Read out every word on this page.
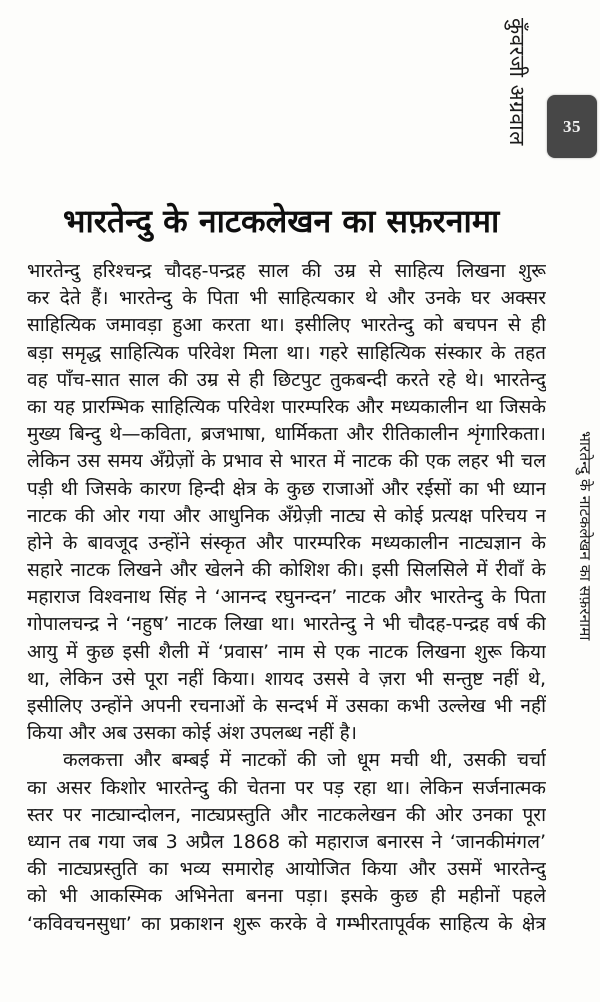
कुँवरजी अग्रवाल 35
भारतेन्दु के नाटकलेखन का सफ़रनामा
भारतेन्दु हरिश्चन्द्र चौदह-पन्द्रह साल की उम्र से साहित्य लिखना शुरू
कर देते हैं। भारतेन्दु के पिता भी साहित्यकार थे और उनके घर अक्सर
साहित्यिक जमावड़ा हुआ करता था। इसीलिए भारतेन्दु को बचपन से ही
बड़ा समृद्ध साहित्यिक परिवेश मिला था। गहरे साहित्यिक संस्कार के तहत
वह पाँच-सात साल की उम्र से ही छिटपुट तुकबन्दी करते रहे थे। भारतेन्दु
का यह प्रारम्भिक साहित्यिक परिवेश पारम्परिक और मध्यकालीन था जिसके
मुख्य बिन्दु थे—कविता, ब्रजभाषा, धार्मिकता और रीतिकालीन शृंगारिकता।
लेकिन उस समय अँग्रेज़ों के प्रभाव से भारत में नाटक की एक लहर भी चल
पड़ी थी जिसके कारण हिन्दी क्षेत्र के कुछ राजाओं और रईसों का भी ध्यान
नाटक की ओर गया और आधुनिक अँग्रेज़ी नाट्य से कोई प्रत्यक्ष परिचय न
होने के बावजूद उन्होंने संस्कृत और पारम्परिक मध्यकालीन नाट्यज्ञान के
सहारे नाटक लिखने और खेलने की कोशिश की। इसी सिलसिले में रीवाँ के
महाराज विश्वनाथ सिंह ने ‘आनन्द रघुनन्दन’ नाटक और भारतेन्दु के पिता
गोपालचन्द्र ने ‘नहुष’ नाटक लिखा था। भारतेन्दु ने भी चौदह-पन्द्रह वर्ष की
आयु में कुछ इसी शैली में ‘प्रवास’ नाम से एक नाटक लिखना शुरू किया
था, लेकिन उसे पूरा नहीं किया। शायद उससे वे ज़रा भी सन्तुष्ट नहीं थे,
इसीलिए उन्होंने अपनी रचनाओं के सन्दर्भ में उसका कभी उल्लेख भी नहीं
किया और अब उसका कोई अंश उपलब्ध नहीं है।
कलकत्ता और बम्बई में नाटकों की जो धूम मची थी, उसकी चर्चा
का असर किशोर भारतेन्दु की चेतना पर पड़ रहा था। लेकिन सर्जनात्मक
स्तर पर नाट्यान्दोलन, नाट्यप्रस्तुति और नाटकलेखन की ओर उनका पूरा
ध्यान तब गया जब 3 अप्रैल 1868 को महाराज बनारस ने ‘जानकीमंगल’
की नाट्यप्रस्तुति का भव्य समारोह आयोजित किया और उसमें भारतेन्दु
को भी आकस्मिक अभिनेता बनना पड़ा। इसके कुछ ही महीनों पहले
‘कविवचनसुधा’ का प्रकाशन शुरू करके वे गम्भीरतापूर्वक साहित्य के क्षेत्र
भारतेन्दु के नाटकलेखन का सफ़रनामा
